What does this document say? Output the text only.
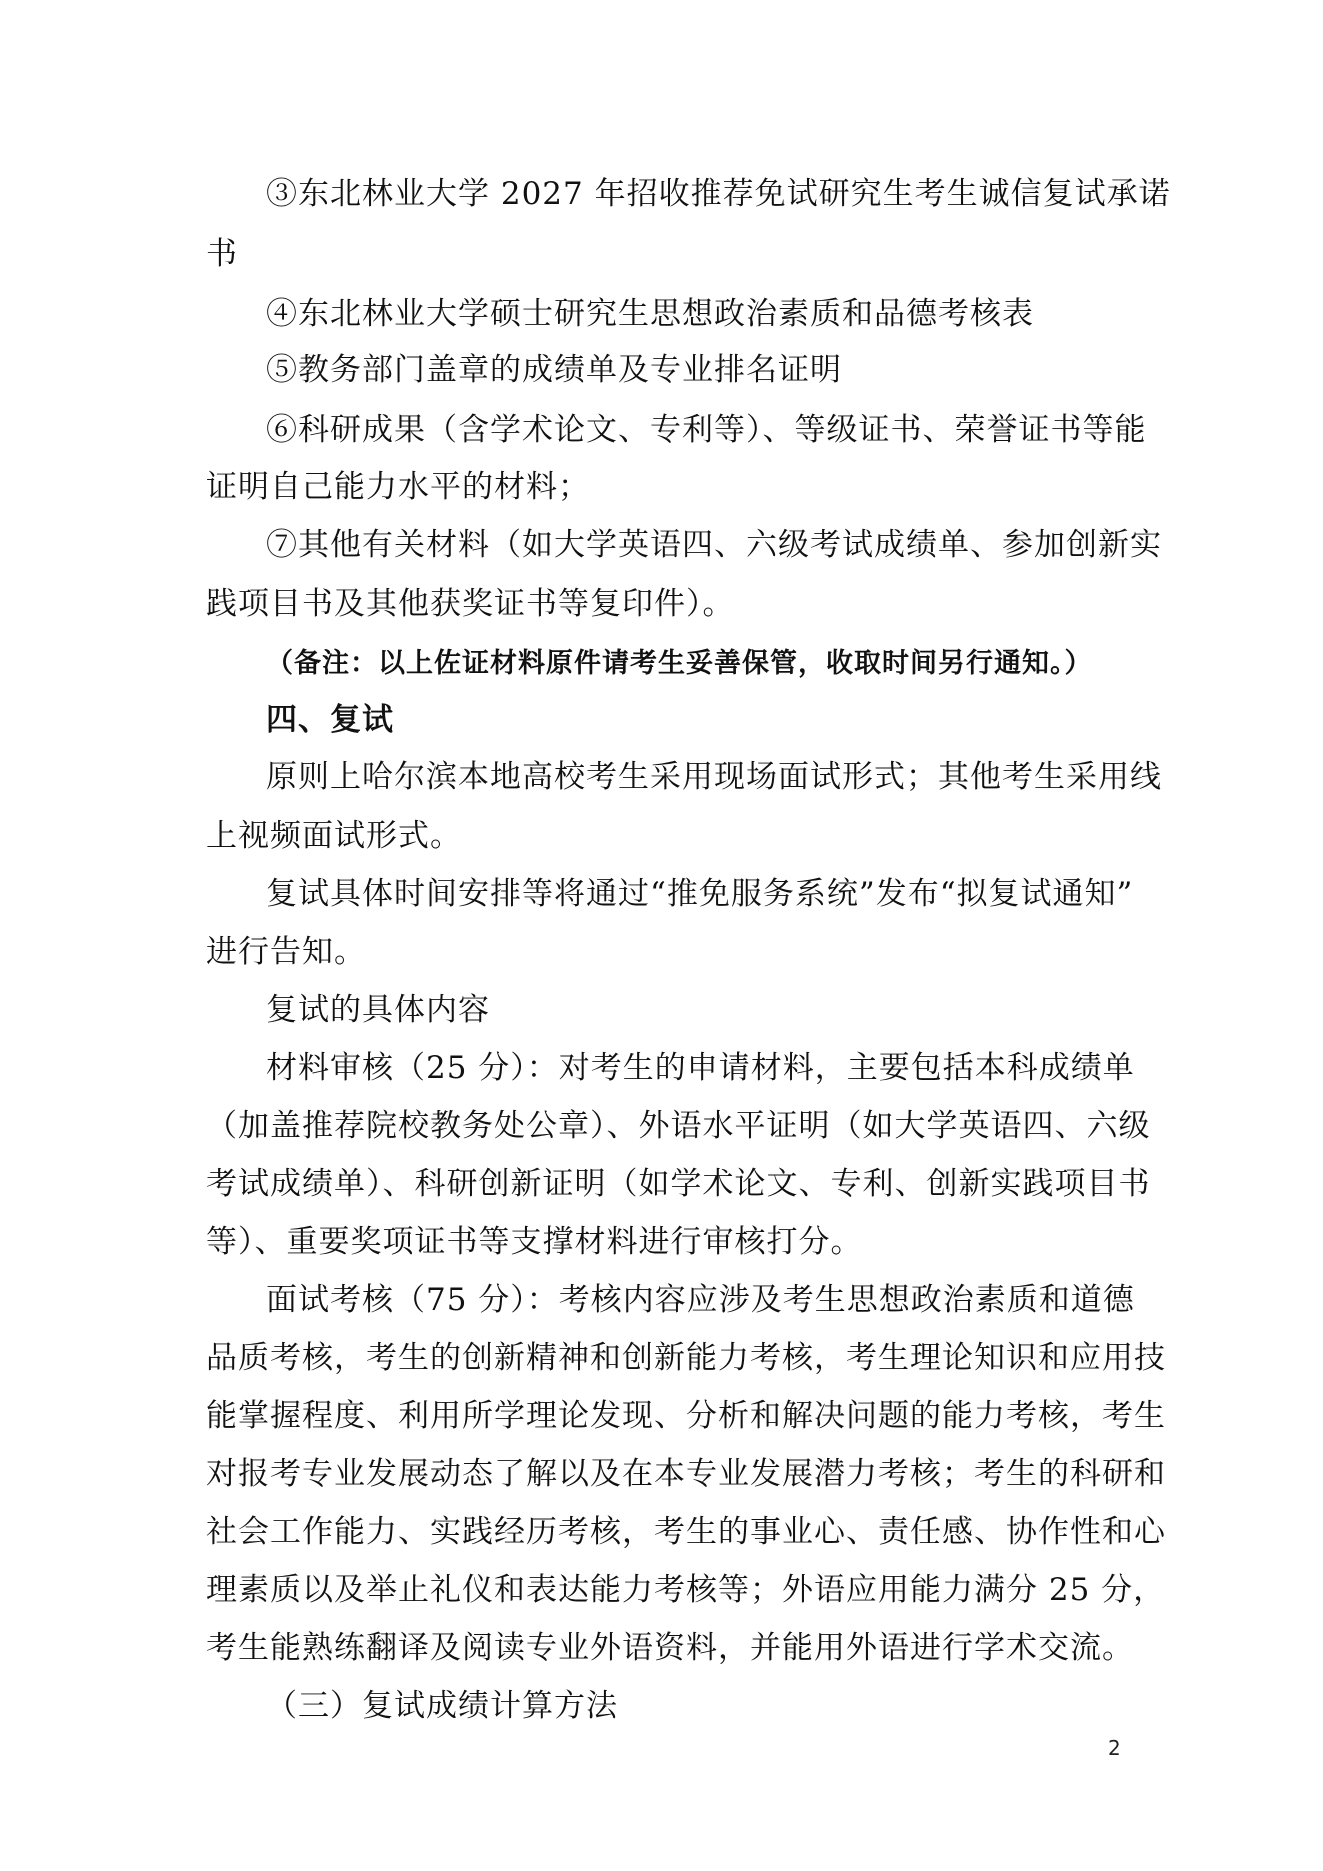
③东北林业大学 2027 年招收推荐免试研究生考生诚信复试承诺
书
④东北林业大学硕士研究生思想政治素质和品德考核表
⑤教务部门盖章的成绩单及专业排名证明
⑥科研成果（含学术论文、专利等）、等级证书、荣誉证书等能
证明自己能力水平的材料；
⑦其他有关材料（如大学英语四、六级考试成绩单、参加创新实
践项目书及其他获奖证书等复印件）。
（备注：以上佐证材料原件请考生妥善保管，收取时间另行通知。）
四、复试
原则上哈尔滨本地高校考生采用现场面试形式；其他考生采用线
上视频面试形式。
复试具体时间安排等将通过“推免服务系统”发布“拟复试通知”
进行告知。
复试的具体内容
材料审核（25 分）：对考生的申请材料，主要包括本科成绩单
（加盖推荐院校教务处公章）、外语水平证明（如大学英语四、六级
考试成绩单）、科研创新证明（如学术论文、专利、创新实践项目书
等）、重要奖项证书等支撑材料进行审核打分。
面试考核（75 分）：考核内容应涉及考生思想政治素质和道德
品质考核，考生的创新精神和创新能力考核，考生理论知识和应用技
能掌握程度、利用所学理论发现、分析和解决问题的能力考核，考生
对报考专业发展动态了解以及在本专业发展潜力考核；考生的科研和
社会工作能力、实践经历考核，考生的事业心、责任感、协作性和心
理素质以及举止礼仪和表达能力考核等；外语应用能力满分 25 分，
考生能熟练翻译及阅读专业外语资料，并能用外语进行学术交流。
（三）复试成绩计算方法
2
